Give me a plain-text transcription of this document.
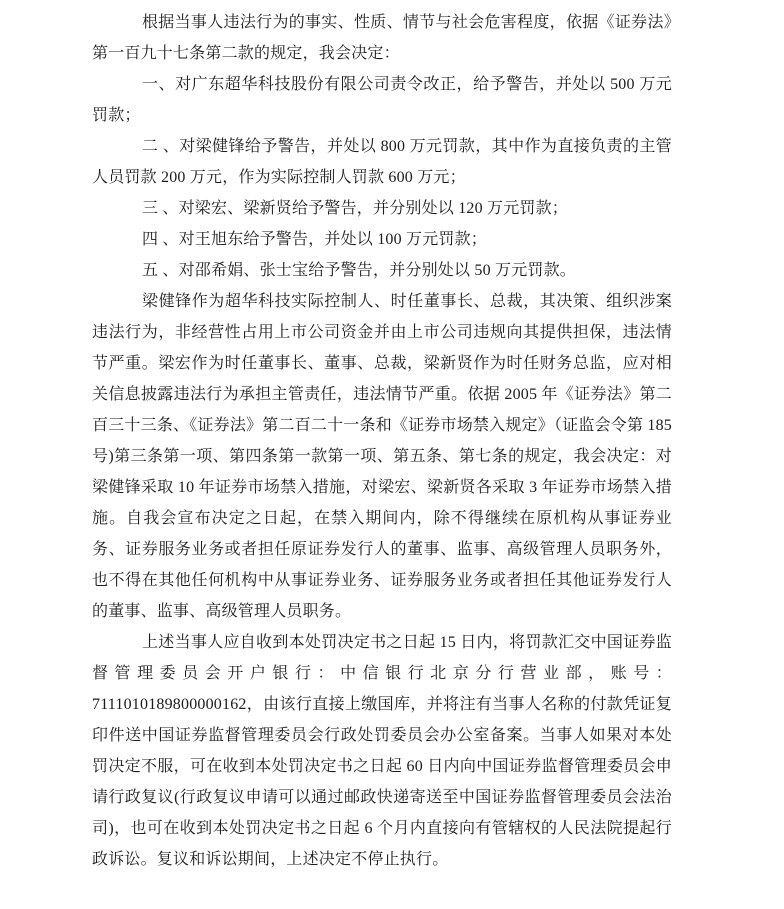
根据当事人违法行为的事实、性质、情节与社会危害程度，依据《证券法》第一百九十七条第二款的规定，我会决定：

一、对广东超华科技股份有限公司责令改正，给予警告，并处以 500 万元罚款；

二 、对梁健锋给予警告，并处以 800 万元罚款，其中作为直接负责的主管人员罚款 200 万元，作为实际控制人罚款 600 万元；

三 、对梁宏、梁新贤给予警告，并分别处以 120 万元罚款；

四 、对王旭东给予警告，并处以 100 万元罚款；

五 、对邵希娟、张士宝给予警告，并分别处以 50 万元罚款。

梁健锋作为超华科技实际控制人、时任董事长、总裁，其决策、组织涉案违法行为，非经营性占用上市公司资金并由上市公司违规向其提供担保，违法情节严重。梁宏作为时任董事长、董事、总裁，梁新贤作为时任财务总监，应对相关信息披露违法行为承担主管责任，违法情节严重。依据 2005 年《证券法》第二百三十三条、《证券法》第二百二十一条和《证券市场禁入规定》（证监会令第 185 号)第三条第一项、第四条第一款第一项、第五条、第七条的规定，我会决定：对梁健锋采取 10 年证券市场禁入措施，对梁宏、梁新贤各采取 3 年证券市场禁入措施。自我会宣布决定之日起，在禁入期间内，除不得继续在原机构从事证券业务、证券服务业务或者担任原证券发行人的董事、监事、高级管理人员职务外，也不得在其他任何机构中从事证券业务、证券服务业务或者担任其他证券发行人的董事、监事、高级管理人员职务。

上述当事人应自收到本处罚决定书之日起 15 日内，将罚款汇交中国证券监督管理委员会开户银行：中信银行北京分行营业部，账号：7111010189800000162，由该行直接上缴国库，并将注有当事人名称的付款凭证复印件送中国证券监督管理委员会行政处罚委员会办公室备案。当事人如果对本处罚决定不服，可在收到本处罚决定书之日起 60 日内向中国证券监督管理委员会申请行政复议(行政复议申请可以通过邮政快递寄送至中国证券监督管理委员会法治司)，也可在收到本处罚决定书之日起 6 个月内直接向有管辖权的人民法院提起行政诉讼。复议和诉讼期间，上述决定不停止执行。
